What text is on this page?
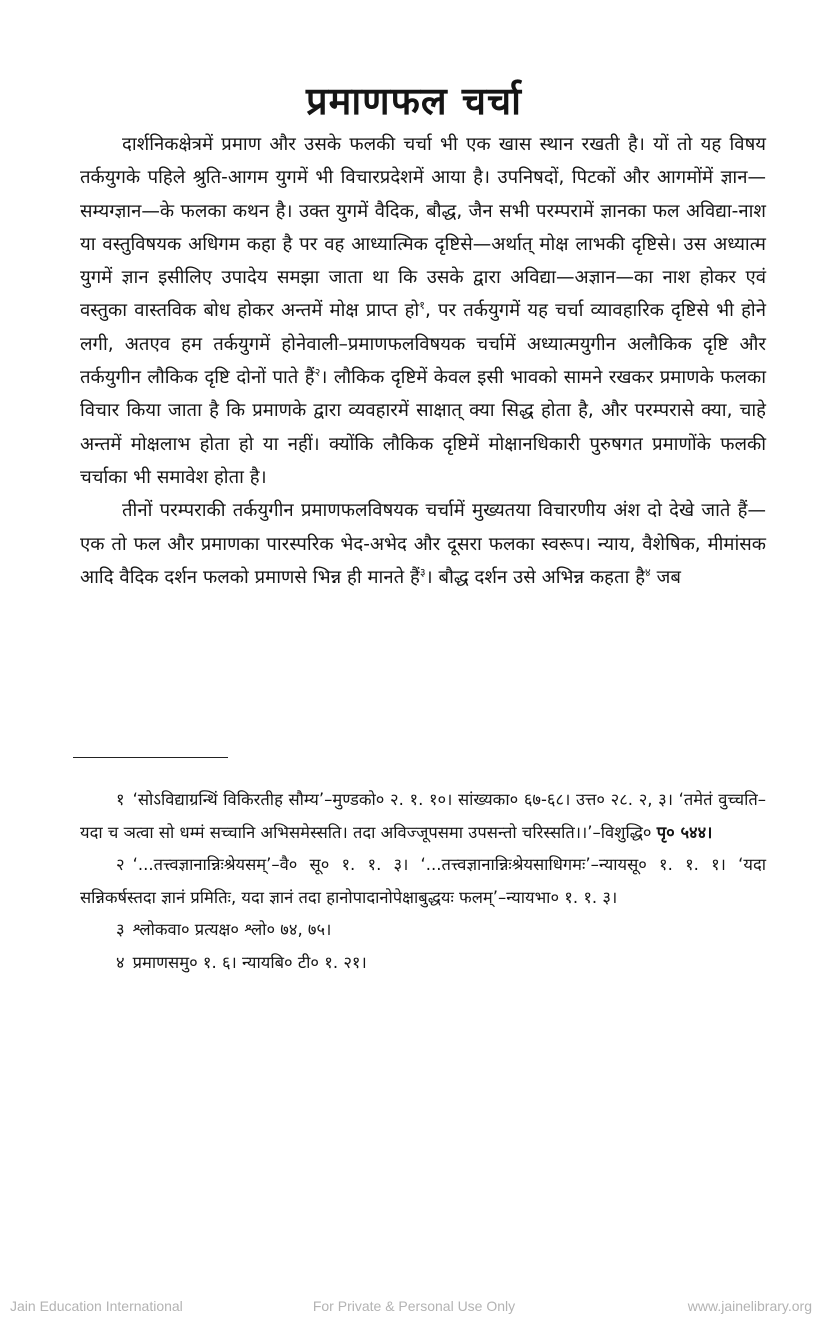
प्रमाणफल चर्चा

दार्शनिकक्षेत्रमें प्रमाण और उसके फलकी चर्चा भी एक खास स्थान रखती है। यों तो यह विषय तर्कयुगके पहिले श्रुति-आगम युगमें भी विचारप्रदेशमें आया है। उपनिषदों, पिटकों और आगमोंमें ज्ञान—सम्यग्ज्ञान—के फलका कथन है। उक्त युगमें वैदिक, बौद्ध, जैन सभी परम्परामें ज्ञानका फल अविद्या-नाश या वस्तुविषयक अधिगम कहा है पर वह आध्यात्मिक दृष्टिसे—अर्थात् मोक्ष लाभकी दृष्टिसे। उस अध्यात्म युगमें ज्ञान इसीलिए उपादेय समझा जाता था कि उसके द्वारा अविद्या—अज्ञान—का नाश होकर एवं वस्तुका वास्तविक बोध होकर अन्तमें मोक्ष प्राप्त हो$^१$, पर तर्कयुगमें यह चर्चा व्यावहारिक दृष्टिसे भी होने लगी, अतएव हम तर्कयुगमें होनेवाली–प्रमाणफलविषयक चर्चामें अध्यात्मयुगीन अलौकिक दृष्टि और तर्कयुगीन लौकिक दृष्टि दोनों पाते हैं$^२$। लौकिक दृष्टिमें केवल इसी भावको सामने रखकर प्रमाणके फलका विचार किया जाता है कि प्रमाणके द्वारा व्यवहारमें साक्षात् क्या सिद्ध होता है, और परम्परासे क्या, चाहे अन्तमें मोक्षलाभ होता हो या नहीं। क्योंकि लौकिक दृष्टिमें मोक्षानधिकारी पुरुषगत प्रमाणोंके फलकी चर्चाका भी समावेश होता है।

तीनों परम्पराकी तर्कयुगीन प्रमाणफलविषयक चर्चामें मुख्यतया विचारणीय अंश दो देखे जाते हैं—एक तो फल और प्रमाणका पारस्परिक भेद-अभेद और दूसरा फलका स्वरूप। न्याय, वैशेषिक, मीमांसक आदि वैदिक दर्शन फलको प्रमाणसे भिन्न ही मानते हैं$^३$। बौद्ध दर्शन उसे अभिन्न कहता है$^४$ जब

१ ‘सोऽविद्याग्रन्थिं विकिरतीह सौम्य’–मुण्डको० २. १. १०। सांख्यका० ६७-६८। उत्त० २८. २, ३। ‘तमेतं वुच्चति–यदा च ञत्वा सो धम्मं सच्चानि अभिसमेस्सति। तदा अविज्जूपसमा उपसन्तो चरिस्सति।।’–विशुद्धि० पृ० ५४४।

२ ‘...तत्त्वज्ञानान्निःश्रेयसम्’–वै० सू० १. १. ३। ‘...तत्त्वज्ञानान्निःश्रेयसाधिगमः’–न्यायसू० १. १. १। ‘यदा सन्निकर्षस्तदा ज्ञानं प्रमितिः, यदा ज्ञानं तदा हानोपादानोपेक्षाबुद्धयः फलम्’–न्यायभा० १. १. ३।

३ श्लोकवा० प्रत्यक्ष० श्लो० ७४, ७५।

४ प्रमाणसमु० १. ६। न्यायबि० टी० १. २१।

Jain Education International	For Private & Personal Use Only	www.jainelibrary.org
